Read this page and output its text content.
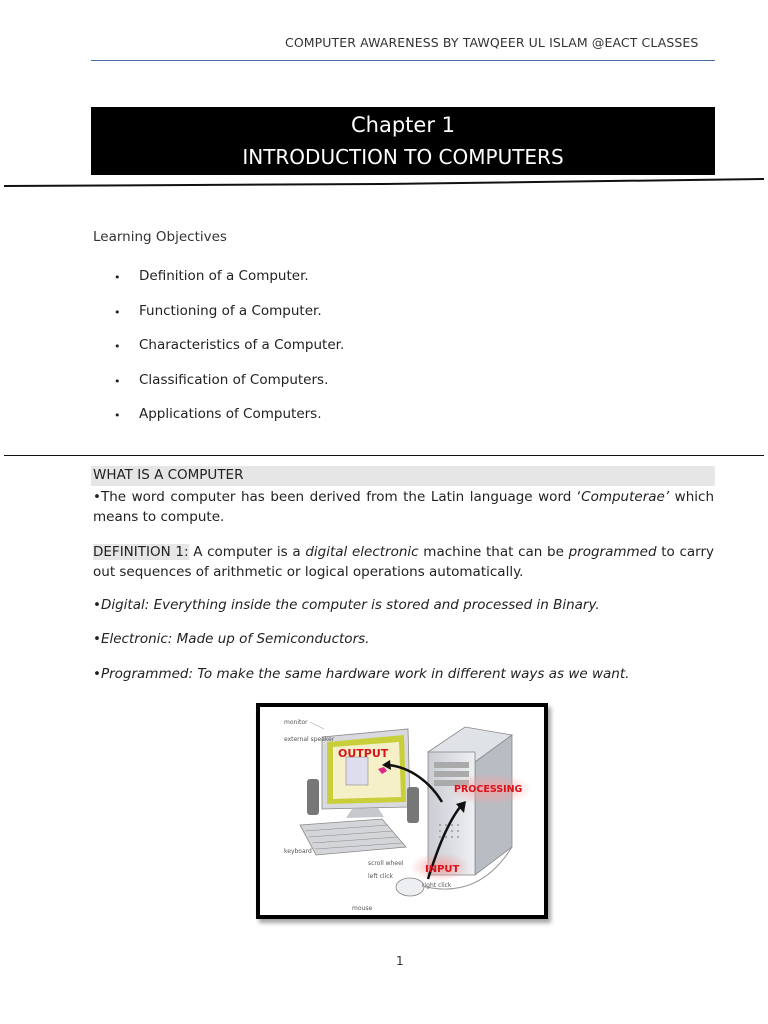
COMPUTER AWARENESS BY TAWQEER UL ISLAM @EACT CLASSES
Chapter 1
INTRODUCTION TO COMPUTERS
Learning Objectives
•	Definition of a Computer.
•	Functioning of a Computer.
•	Characteristics of a Computer.
•	Classification of Computers.
•	Applications of Computers.
WHAT IS A COMPUTER
•The word computer has been derived from the Latin language word ‘Computerae’ which means to compute.
DEFINITION 1: A computer is a digital electronic machine that can be programmed to carry out sequences of arithmetic or logical operations automatically.
•Digital: Everything inside the computer is stored and processed in Binary.
•Electronic: Made up of Semiconductors.
•Programmed: To make the same hardware work in different ways as we want.
OUTPUT
PROCESSING
INPUT
monitor
external speaker
keyboard
scroll wheel
left click
right click
mouse
1
